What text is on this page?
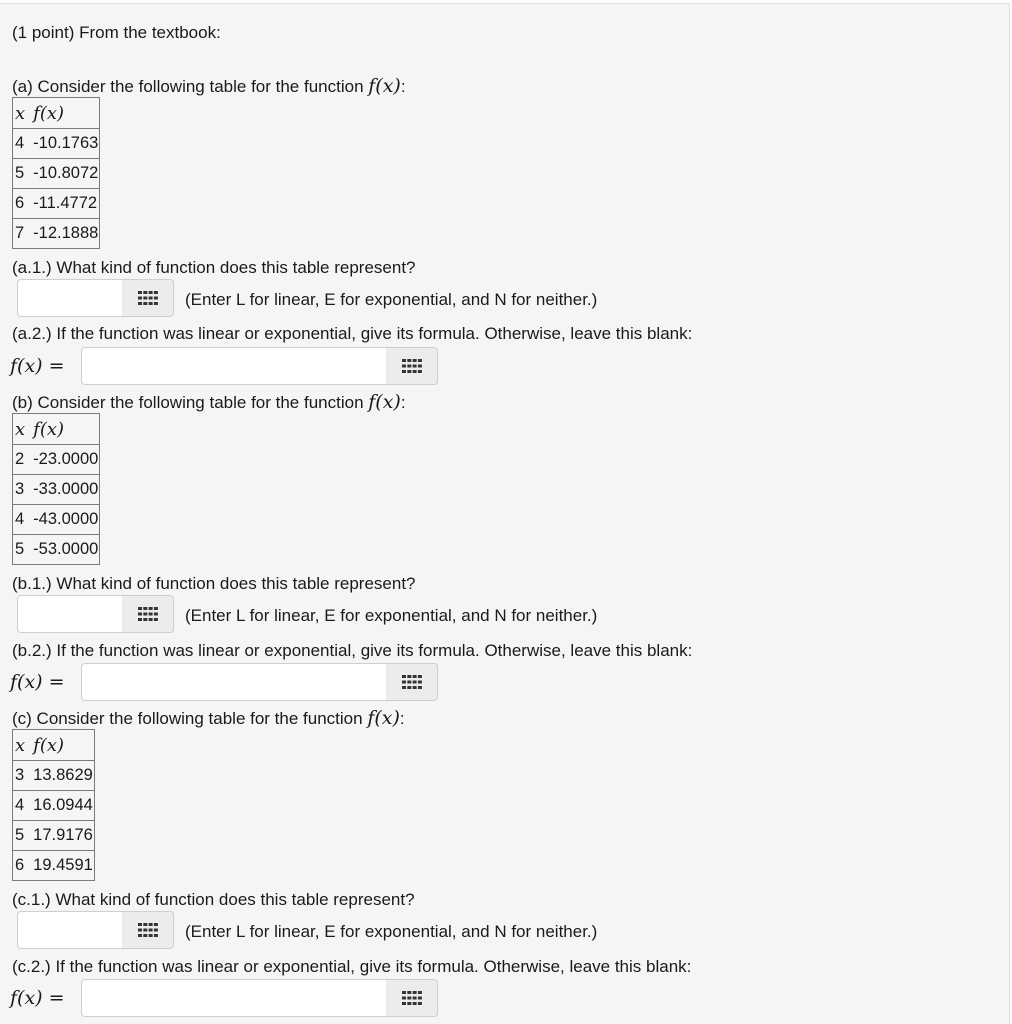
(1 point) From the textbook:
(a) Consider the following table for the function f(x):
x	f(x)
4	-10.1763
5	-10.8072
6	-11.4772
7	-12.1888
(a.1.) What kind of function does this table represent?
(Enter L for linear, E for exponential, and N for neither.)
(a.2.) If the function was linear or exponential, give its formula. Otherwise, leave this blank:
f(x) =
(b) Consider the following table for the function f(x):
x	f(x)
2	-23.0000
3	-33.0000
4	-43.0000
5	-53.0000
(b.1.) What kind of function does this table represent?
(Enter L for linear, E for exponential, and N for neither.)
(b.2.) If the function was linear or exponential, give its formula. Otherwise, leave this blank:
f(x) =
(c) Consider the following table for the function f(x):
x	f(x)
3	13.8629
4	16.0944
5	17.9176
6	19.4591
(c.1.) What kind of function does this table represent?
(Enter L for linear, E for exponential, and N for neither.)
(c.2.) If the function was linear or exponential, give its formula. Otherwise, leave this blank:
f(x) =
